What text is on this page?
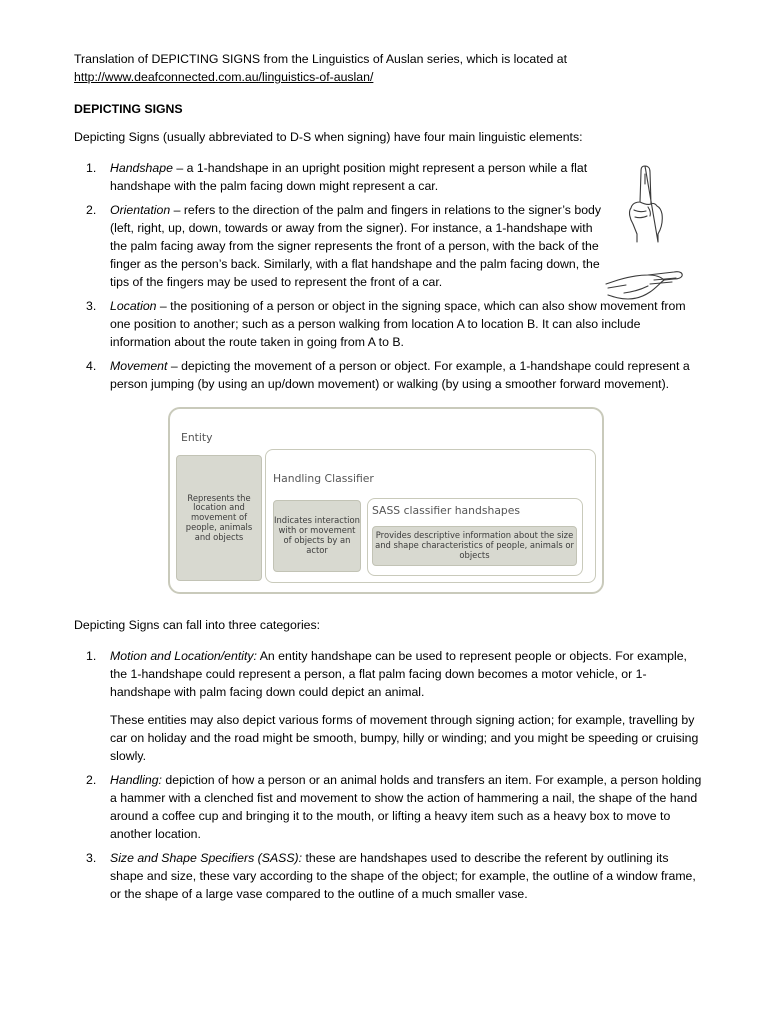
Translation of DEPICTING SIGNS from the Linguistics of Auslan series, which is located at

http://www.deafconnected.com.au/linguistics-of-auslan/

DEPICTING SIGNS

Depicting Signs (usually abbreviated to D-S when signing) have four main linguistic elements:

1. Handshape – a 1-handshape in an upright position might represent a person while a flat handshape with the palm facing down might represent a car.
2. Orientation – refers to the direction of the palm and fingers in relations to the signer’s body (left, right, up, down, towards or away from the signer). For instance, a 1-handshape with the palm facing away from the signer represents the front of a person, with the back of the finger as the person’s back. Similarly, with a flat handshape and the palm facing down, the tips of the fingers may be used to represent the front of a car.
3. Location – the positioning of a person or object in the signing space, which can also show movement from one position to another; such as a person walking from location A to location B. It can also include information about the route taken in going from A to B.
4. Movement – depicting the movement of a person or object. For example, a 1-handshape could represent a person jumping (by using an up/down movement) or walking (by using a smoother forward movement).
Entity
Represents the location and movement of people, animals and objects
Handling Classifier
Indicates interaction with or movement of objects by an actor
SASS classifier handshapes
Provides descriptive information about the size and shape characteristics of people, animals or objects

Depicting Signs can fall into three categories:

1. Motion and Location/entity: An entity handshape can be used to represent people or objects. For example, the 1-handshape could represent a person, a flat palm facing down becomes a motor vehicle, or 1-handshape with palm facing down could depict an animal.

These entities may also depict various forms of movement through signing action; for example, travelling by car on holiday and the road might be smooth, bumpy, hilly or winding; and you might be speeding or cruising slowly.

2. Handling: depiction of how a person or an animal holds and transfers an item. For example, a person holding a hammer with a clenched fist and movement to show the action of hammering a nail, the shape of the hand around a coffee cup and bringing it to the mouth, or lifting a heavy item such as a heavy box to move to another location.
3. Size and Shape Specifiers (SASS): these are handshapes used to describe the referent by outlining its shape and size, these vary according to the shape of the object; for example, the outline of a window frame, or the shape of a large vase compared to the outline of a much smaller vase.
